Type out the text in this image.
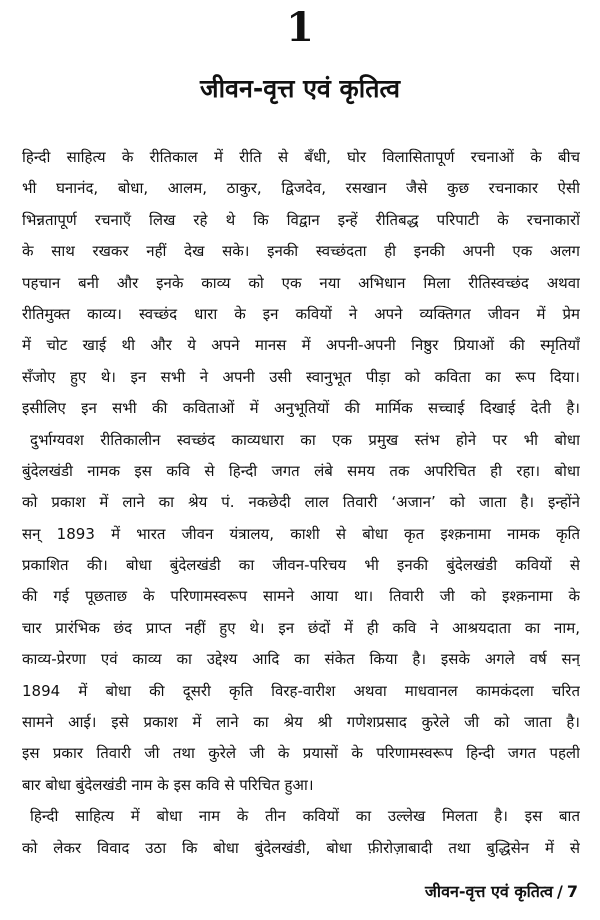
1
जीवन-वृत्त एवं कृतित्व
हिन्दी साहित्य के रीतिकाल में रीति से बँधी, घोर विलासितापूर्ण रचनाओं के बीच
भी घनानंद, बोधा, आलम, ठाकुर, द्विजदेव, रसखान जैसे कुछ रचनाकार ऐसी
भिन्नतापूर्ण रचनाएँ लिख रहे थे कि विद्वान इन्हें रीतिबद्ध परिपाटी के रचनाकारों
के साथ रखकर नहीं देख सके। इनकी स्वच्छंदता ही इनकी अपनी एक अलग
पहचान बनी और इनके काव्य को एक नया अभिधान मिला रीतिस्वच्छंद अथवा
रीतिमुक्त काव्य। स्वच्छंद धारा के इन कवियों ने अपने व्यक्तिगत जीवन में प्रेम
में चोट खाई थी और ये अपने मानस में अपनी-अपनी निष्ठुर प्रियाओं की स्मृतियाँ
सँजोए हुए थे। इन सभी ने अपनी उसी स्वानुभूत पीड़ा को कविता का रूप दिया।
इसीलिए इन सभी की कविताओं में अनुभूतियों की मार्मिक सच्चाई दिखाई देती है।
दुर्भाग्यवश रीतिकालीन स्वच्छंद काव्यधारा का एक प्रमुख स्तंभ होने पर भी बोधा
बुंदेलखंडी नामक इस कवि से हिन्दी जगत लंबे समय तक अपरिचित ही रहा। बोधा
को प्रकाश में लाने का श्रेय पं. नकछेदी लाल तिवारी ‘अजान’ को जाता है। इन्होंने
सन् 1893 में भारत जीवन यंत्रालय, काशी से बोधा कृत इश्क़नामा नामक कृति
प्रकाशित की। बोधा बुंदेलखंडी का जीवन-परिचय भी इनकी बुंदेलखंडी कवियों से
की गई पूछताछ के परिणामस्वरूप सामने आया था। तिवारी जी को इश्क़नामा के
चार प्रारंभिक छंद प्राप्त नहीं हुए थे। इन छंदों में ही कवि ने आश्रयदाता का नाम,
काव्य-प्रेरणा एवं काव्य का उद्देश्य आदि का संकेत किया है। इसके अगले वर्ष सन्
1894 में बोधा की दूसरी कृति विरह-वारीश अथवा माधवानल कामकंदला चरित
सामने आई। इसे प्रकाश में लाने का श्रेय श्री गणेशप्रसाद कुरेले जी को जाता है।
इस प्रकार तिवारी जी तथा कुरेले जी के प्रयासों के परिणामस्वरूप हिन्दी जगत पहली
बार बोधा बुंदेलखंडी नाम के इस कवि से परिचित हुआ।
हिन्दी साहित्य में बोधा नाम के तीन कवियों का उल्लेख मिलता है। इस बात
को लेकर विवाद उठा कि बोधा बुंदेलखंडी, बोधा फ़ीरोज़ाबादी तथा बुद्धिसेन में से
जीवन-वृत्त एवं कृतित्व / 7
